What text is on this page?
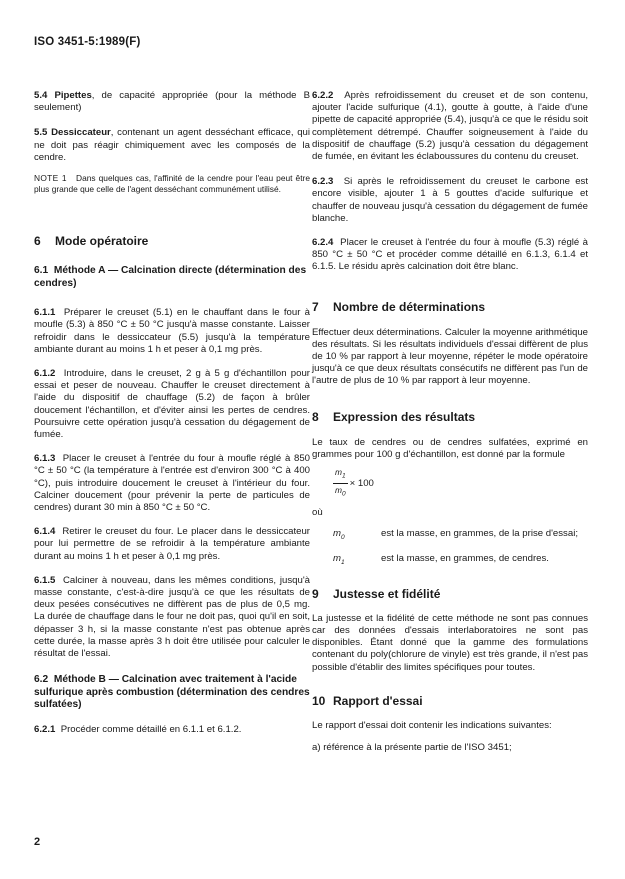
ISO 3451-5:1989(F)

5.4 Pipettes, de capacité appropriée (pour la méthode B seulement)

5.5 Dessiccateur, contenant un agent desséchant efficace, qui ne doit pas réagir chimiquement avec les composés de la cendre.

NOTE 1 Dans quelques cas, l'affinité de la cendre pour l'eau peut être plus grande que celle de l'agent desséchant communément utilisé.

6 Mode opératoire
6.1 Méthode A — Calcination directe (détermination des cendres)

6.1.1 Préparer le creuset (5.1) en le chauffant dans le four à moufle (5.3) à 850 °C ± 50 °C jusqu'à masse constante. Laisser refroidir dans le dessiccateur (5.5) jusqu'à la température ambiante durant au moins 1 h et peser à 0,1 mg près.

6.1.2 Introduire, dans le creuset, 2 g à 5 g d'échantillon pour essai et peser de nouveau. Chauffer le creuset directement à l'aide du dispositif de chauffage (5.2) de façon à brûler doucement l'échantillon, et d'éviter ainsi les pertes de cendres. Poursuivre cette opération jusqu'à cessation du dégagement de fumée.

6.1.3 Placer le creuset à l'entrée du four à moufle réglé à 850 °C ± 50 °C (la température à l'entrée est d'environ 300 °C à 400 °C), puis introduire doucement le creuset à l'intérieur du four. Calciner doucement (pour prévenir la perte de particules de cendres) durant 30 min à 850 °C ± 50 °C.

6.1.4 Retirer le creuset du four. Le placer dans le dessiccateur pour lui permettre de se refroidir à la température ambiante durant au moins 1 h et peser à 0,1 mg près.

6.1.5 Calciner à nouveau, dans les mêmes conditions, jusqu'à masse constante, c'est-à-dire jusqu'à ce que les résultats de deux pesées consécutives ne diffèrent pas de plus de 0,5 mg. La durée de chauffage dans le four ne doit pas, quoi qu'il en soit, dépasser 3 h, si la masse constante n'est pas obtenue après cette durée, la masse après 3 h doit être utilisée pour calculer le résultat de l'essai.

6.2 Méthode B — Calcination avec traitement à l'acide sulfurique après combustion (détermination des cendres sulfatées)

6.2.1 Procéder comme détaillé en 6.1.1 et 6.1.2.

6.2.2 Après refroidissement du creuset et de son contenu, ajouter l'acide sulfurique (4.1), goutte à goutte, à l'aide d'une pipette de capacité appropriée (5.4), jusqu'à ce que le résidu soit complètement détrempé. Chauffer soigneusement à l'aide du dispositif de chauffage (5.2) jusqu'à cessation du dégagement de fumée, en évitant les éclaboussures du contenu du creuset.

6.2.3 Si après le refroidissement du creuset le carbone est encore visible, ajouter 1 à 5 gouttes d'acide sulfurique et chauffer de nouveau jusqu'à cessation du dégagement de fumée blanche.

6.2.4 Placer le creuset à l'entrée du four à moufle (5.3) réglé à 850 °C ± 50 °C et procéder comme détaillé en 6.1.3, 6.1.4 et 6.1.5. Le résidu après calcination doit être blanc.

7 Nombre de déterminations

Effectuer deux déterminations. Calculer la moyenne arithmétique des résultats. Si les résultats individuels d'essai diffèrent de plus de 10 % par rapport à leur moyenne, répéter le mode opératoire jusqu'à ce que deux résultats consécutifs ne diffèrent pas l'un de l'autre de plus de 10 % par rapport à leur moyenne.

8 Expression des résultats

Le taux de cendres ou de cendres sulfatées, exprimé en grammes pour 100 g d'échantillon, est donné par la formule

$\frac{m_1}{m_0} \times 100$

où

$m_0$	est la masse, en grammes, de la prise d'essai;
$m_1$	est la masse, en grammes, de cendres.
9 Justesse et fidélité

La justesse et la fidélité de cette méthode ne sont pas connues car des données d'essais interlaboratoires ne sont pas disponibles. Étant donné que la gamme des formulations contenant du poly(chlorure de vinyle) est très grande, il n'est pas possible d'établir des limites spécifiques pour toutes.

10 Rapport d'essai

Le rapport d'essai doit contenir les indications suivantes:

a) référence à la présente partie de l'ISO 3451;

2
